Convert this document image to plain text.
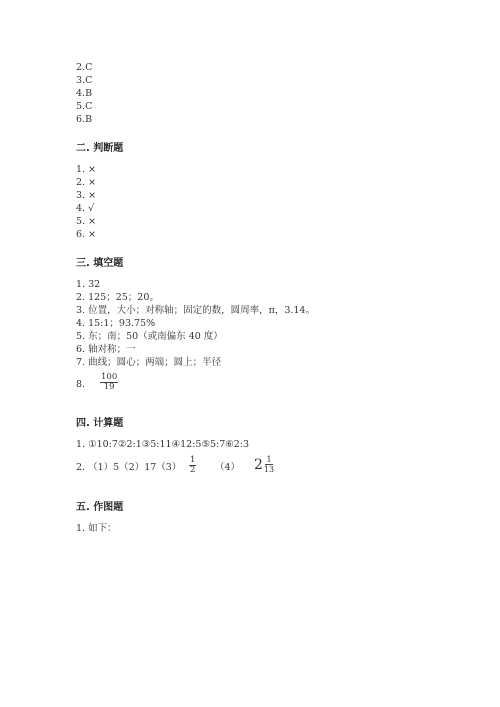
2.C
3.C
4.B
5.C
6.B
二. 判断题
1. ×
2. ×
3. ×
4. √
5. ×
6. ×
三. 填空题
1. 32
2. 125；25；20。
3. 位置，大小；对称轴；固定的数，圆周率，π，3.14。
4. 15:1；93.75%
5. 东；南；50（或南偏东 40 度）
6. 轴对称；一
7. 曲线；圆心；两端；圆上；半径
8. $\frac{100}{19}$
四. 计算题
1. ①10:7②2:1③5:11④12:5⑤5:7⑥2:3
2. $(1)5(2)17(3) \frac{1}{2} (4)$ $2 \frac{1}{13}$
五. 作图题
1. 如下：
